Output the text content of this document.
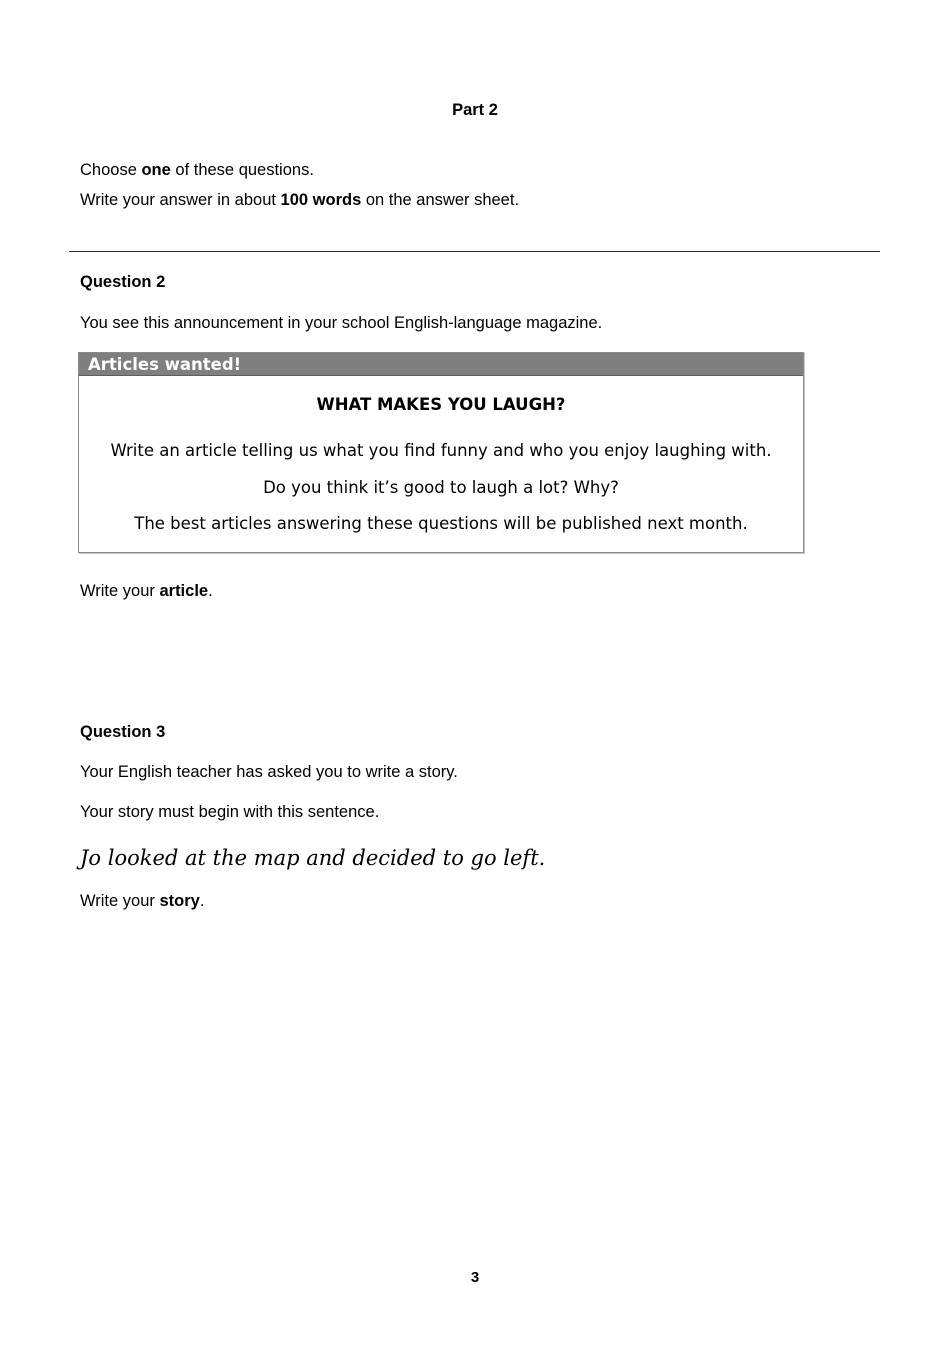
Part 2
Choose one of these questions.
Write your answer in about 100 words on the answer sheet.
Question 2
You see this announcement in your school English-language magazine.
Articles wanted!
WHAT MAKES YOU LAUGH?
Write an article telling us what you find funny and who you enjoy laughing with.
Do you think it’s good to laugh a lot? Why?
The best articles answering these questions will be published next month.
Write your article.
Question 3
Your English teacher has asked you to write a story.
Your story must begin with this sentence.
Jo looked at the map and decided to go left.
Write your story.
3
